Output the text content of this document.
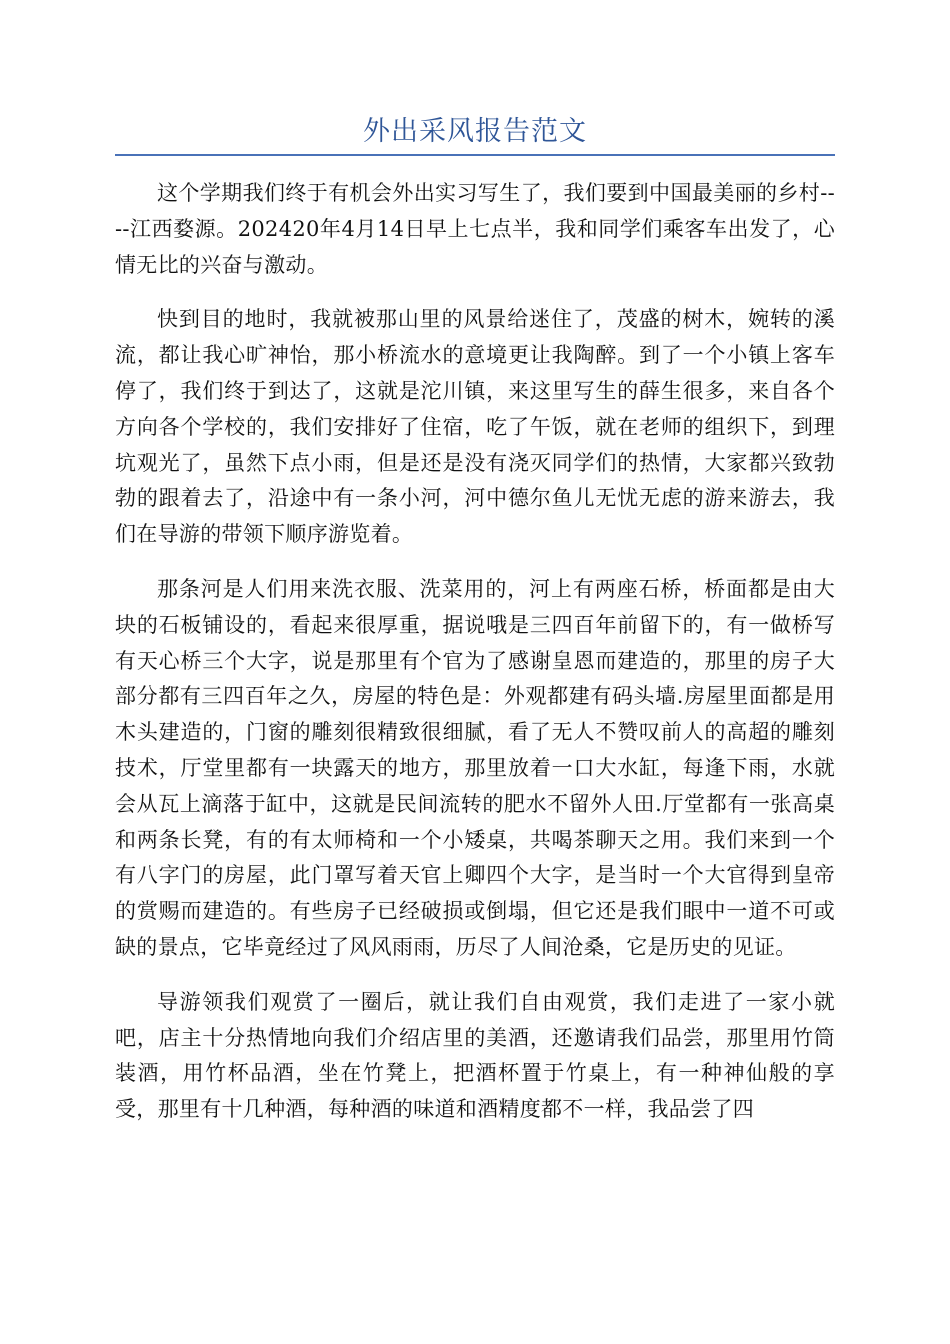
外出采风报告范文

这个学期我们终于有机会外出实习写生了，我们要到中国最美丽的乡村----江西婺源。202420年4月14日早上七点半，我和同学们乘客车出发了，心情无比的兴奋与激动。

快到目的地时，我就被那山里的风景给迷住了，茂盛的树木，婉转的溪流，都让我心旷神怡，那小桥流水的意境更让我陶醉。到了一个小镇上客车停了，我们终于到达了，这就是沱川镇，来这里写生的薛生很多，来自各个方向各个学校的，我们安排好了住宿，吃了午饭，就在老师的组织下，到理坑观光了，虽然下点小雨，但是还是没有浇灭同学们的热情，大家都兴致勃勃的跟着去了，沿途中有一条小河，河中德尔鱼儿无忧无虑的游来游去，我们在导游的带领下顺序游览着。

那条河是人们用来洗衣服、洗菜用的，河上有两座石桥，桥面都是由大块的石板铺设的，看起来很厚重，据说哦是三四百年前留下的，有一做桥写有天心桥三个大字，说是那里有个官为了感谢皇恩而建造的，那里的房子大部分都有三四百年之久，房屋的特色是：外观都建有码头墙.房屋里面都是用木头建造的，门窗的雕刻很精致很细腻，看了无人不赞叹前人的高超的雕刻技术，厅堂里都有一块露天的地方，那里放着一口大水缸，每逢下雨，水就会从瓦上滴落于缸中，这就是民间流转的肥水不留外人田.厅堂都有一张高桌和两条长凳，有的有太师椅和一个小矮桌，共喝茶聊天之用。我们来到一个有八字门的房屋，此门罩写着天官上卿四个大字，是当时一个大官得到皇帝的赏赐而建造的。有些房子已经破损或倒塌，但它还是我们眼中一道不可或缺的景点，它毕竟经过了风风雨雨，历尽了人间沧桑，它是历史的见证。

导游领我们观赏了一圈后，就让我们自由观赏，我们走进了一家小就吧，店主十分热情地向我们介绍店里的美酒，还邀请我们品尝，那里用竹筒装酒，用竹杯品酒，坐在竹凳上，把酒杯置于竹桌上，有一种神仙般的享受，那里有十几种酒，每种酒的味道和酒精度都不一样，我品尝了四
